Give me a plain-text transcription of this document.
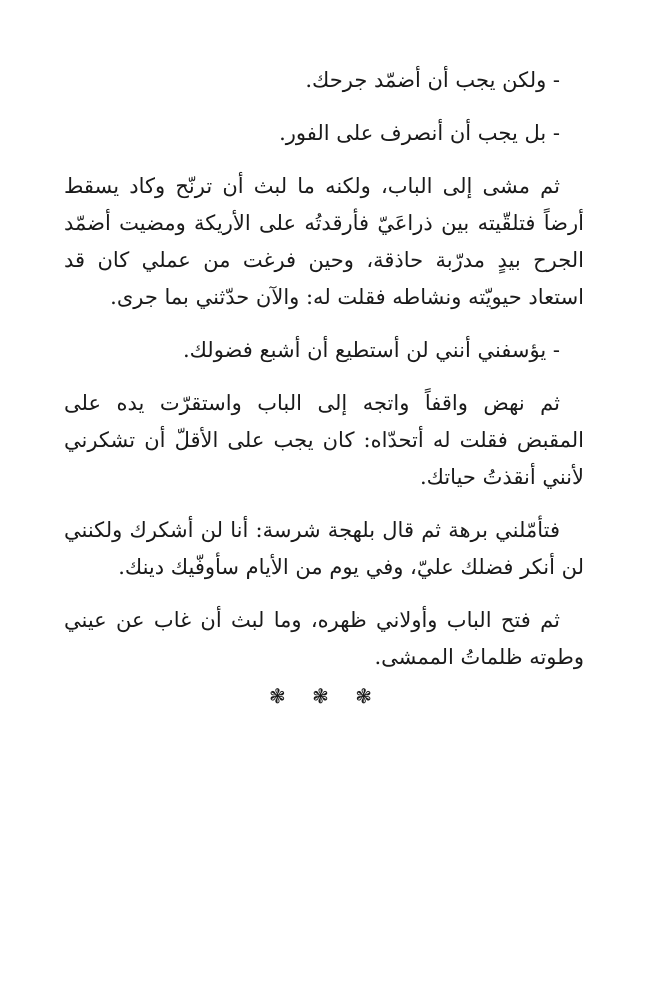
- ولكن يجب أن أضمّد جرحك.

- بل يجب أن أنصرف على الفور.

ثم مشى إلى الباب، ولكنه ما لبث أن ترنّح وكاد يسقط أرضاً فتلقّيته بين ذراعَيّ فأرقدتُه على الأريكة ومضيت أضمّد الجرح بيدٍ مدرّبة حاذقة، وحين فرغت من عملي كان قد استعاد حيويّته ونشاطه فقلت له: والآن حدّثني بما جرى.

- يؤسفني أنني لن أستطيع أن أشبع فضولك.

ثم نهض واقفاً واتجه إلى الباب واستقرّت يده على المقبض فقلت له أتحدّاه: كان يجب على الأقلّ أن تشكرني لأنني أنقذتُ حياتك.

فتأمّلني برهة ثم قال بلهجة شرسة: أنا لن أشكرك ولكنني لن أنكر فضلك عليّ، وفي يوم من الأيام سأوفّيك دينك.

ثم فتح الباب وأولاني ظهره، وما لبث أن غاب عن عيني وطوته ظلماتُ الممشى.

❃ ❃ ❃
